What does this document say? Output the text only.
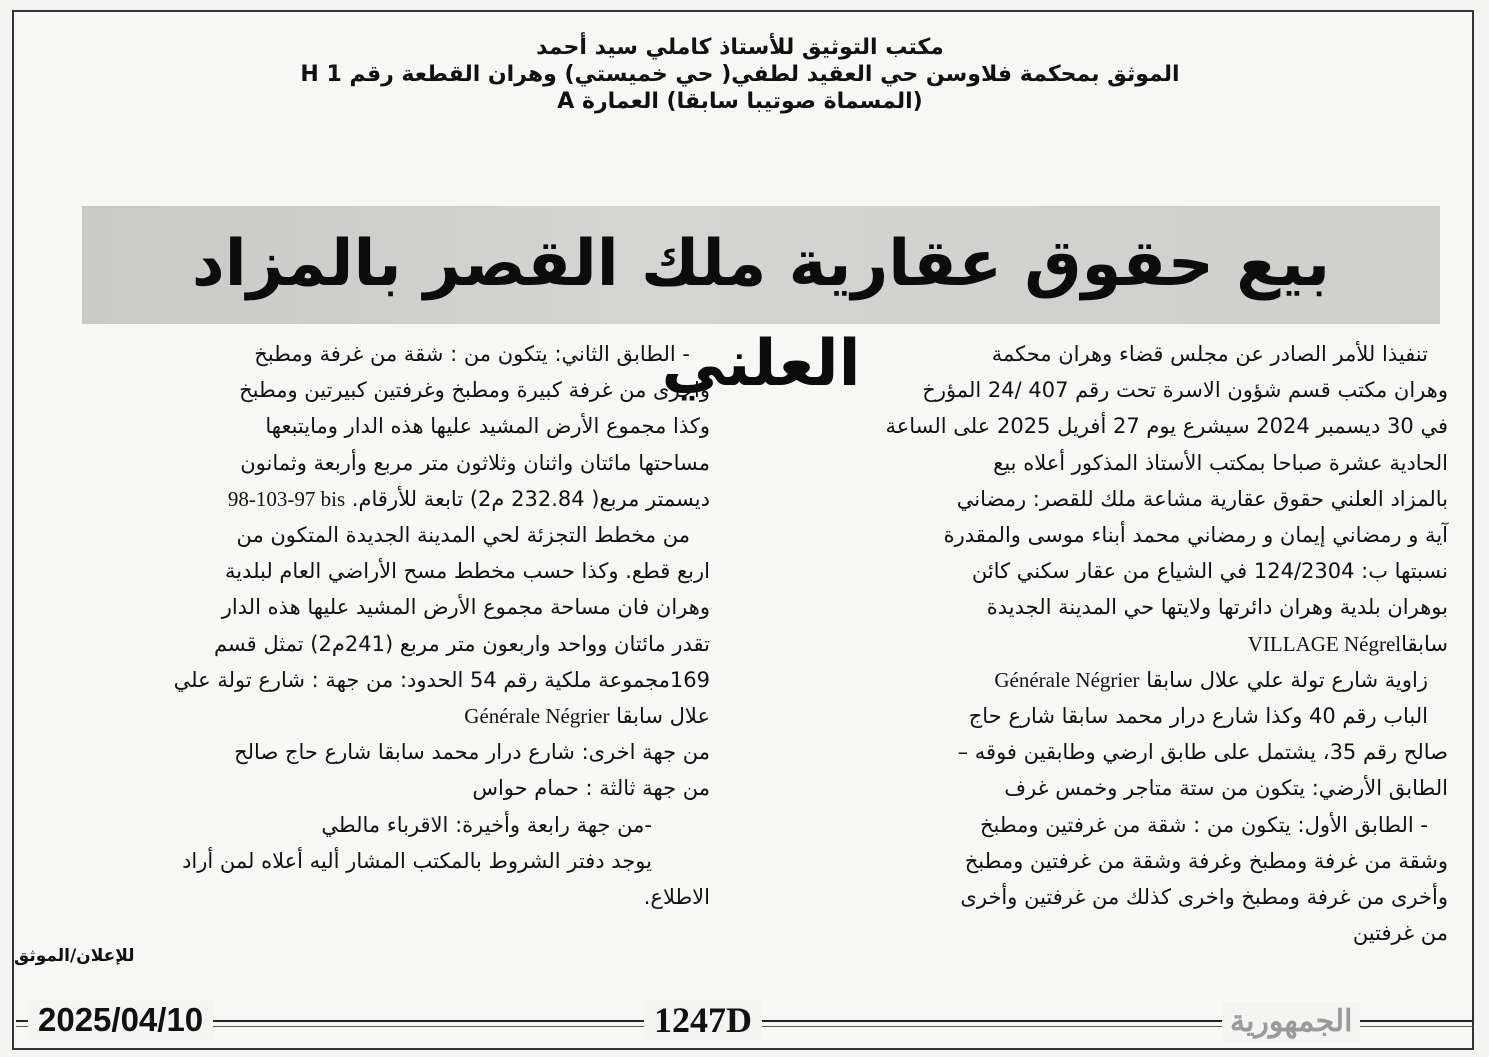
مكتب التوثيق للأستاذ كاملي سيد أحمد
الموثق بمحكمة فلاوسن حي العقيد لطفي( حي خميستي) وهران القطعة رقم H 1
(المسماة صوتيبا سابقا) العمارة A
بيع حقوق عقارية ملك القصر بالمزاد العلني	تنفيذا للأمر الصادر عن مجلس قضاء وهران محكمة

وهران مكتب قسم شؤون الاسرة تحت رقم 407 /24 المؤرخ

في 30 ديسمبر 2024 سيشرع يوم 27 أفريل 2025 على الساعة

الحادية عشرة صباحا بمكتب الأستاذ المذكور أعلاه بيع

بالمزاد العلني حقوق عقارية مشاعة ملك للقصر: رمضاني

آية و رمضاني إيمان و رمضاني محمد أبناء موسى والمقدرة

نسبتها ب: 124/2304 في الشياع من عقار سكني كائن

بوهران بلدية وهران دائرتها ولايتها حي المدينة الجديدة

سابقاVILLAGE Négrel

زاوية شارع تولة علي علال سابقا Générale Négrier

الباب رقم 40 وكذا شارع درار محمد سابقا شارع حاج

صالح رقم 35، يشتمل على طابق ارضي وطابقين فوقه –

الطابق الأرضي: يتكون من ستة متاجر وخمس غرف

- الطابق الأول: يتكون من : شقة من غرفتين ومطبخ

وشقة من غرفة ومطبخ وغرفة وشقة من غرفتين ومطبخ

وأخرى من غرفة ومطبخ واخرى كذلك من غرفتين وأخرى

من غرفتين

- الطابق الثاني: يتكون من : شقة من غرفة ومطبخ

واخرى من غرفة كبيرة ومطبخ وغرفتين كبيرتين ومطبخ

وكذا مجموع الأرض المشيد عليها هذه الدار ومايتبعها

مساحتها مائتان واثنان وثلاثون متر مربع وأربعة وثمانون

ديسمتر مربع( 232.84 م2) تابعة للأرقام. 98-103-97 bis

من مخطط التجزئة لحي المدينة الجديدة المتكون من

اربع قطع. وكذا حسب مخطط مسح الأراضي العام لبلدية

وهران فان مساحة مجموع الأرض المشيد عليها هذه الدار

تقدر مائتان وواحد واربعون متر مربع (241م2) تمثل قسم

169مجموعة ملكية رقم 54 الحدود: من جهة : شارع تولة علي

علال سابقا Générale Négrier

من جهة اخرى: شارع درار محمد سابقا شارع حاج صالح

من جهة ثالثة : حمام حواس

-من جهة رابعة وأخيرة: الاقرباء مالطي

يوجد دفتر الشروط بالمكتب المشار أليه أعلاه لمن أراد

الاطلاع.

للإعلان/الموثق
2025/04/10	1247D	الجمهورية
